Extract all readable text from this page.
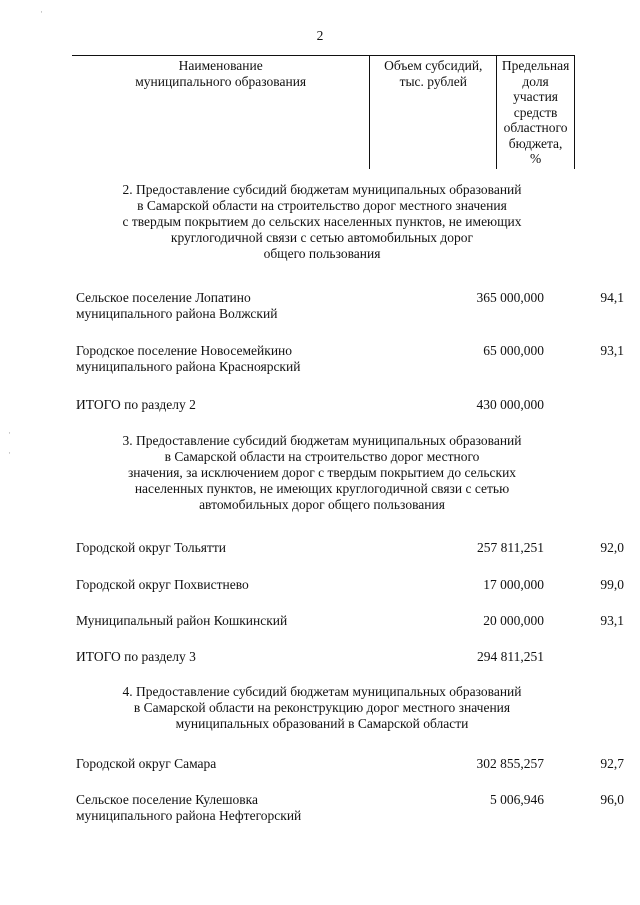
2
Наименование
муниципального образования

Объем субсидий,
тыс. рублей

Предельная
доля
участия
средств
областного
бюджета,
%
2. Предоставление субсидий бюджетам муниципальных образований
в Самарской области на строительство дорог местного значения
с твердым покрытием до сельских населенных пунктов, не имеющих
круглогодичной связи с сетью автомобильных дорог
общего пользования
Сельское поселение Лопатино
муниципального района Волжский
365 000,000	94,1
Городское поселение Новосемейкино
муниципального района Красноярский
65 000,000	93,1
ИТОГО по разделу 2	430 000,000
3. Предоставление субсидий бюджетам муниципальных образований
в Самарской области на строительство дорог местного
значения, за исключением дорог с твердым покрытием до сельских
населенных пунктов, не имеющих круглогодичной связи с сетью
автомобильных дорог общего пользования
Городской округ Тольятти	257 811,251	92,0
Городской округ Похвистнево	17 000,000	99,0
Муниципальный район Кошкинский	20 000,000	93,1
ИТОГО по разделу 3	294 811,251
4. Предоставление субсидий бюджетам муниципальных образований
в Самарской области на реконструкцию дорог местного значения
муниципальных образований в Самарской области
Городской округ Самара	302 855,257	92,7
Сельское поселение Кулешовка
муниципального района Нефтегорский
5 006,946	96,0
·
·
·
